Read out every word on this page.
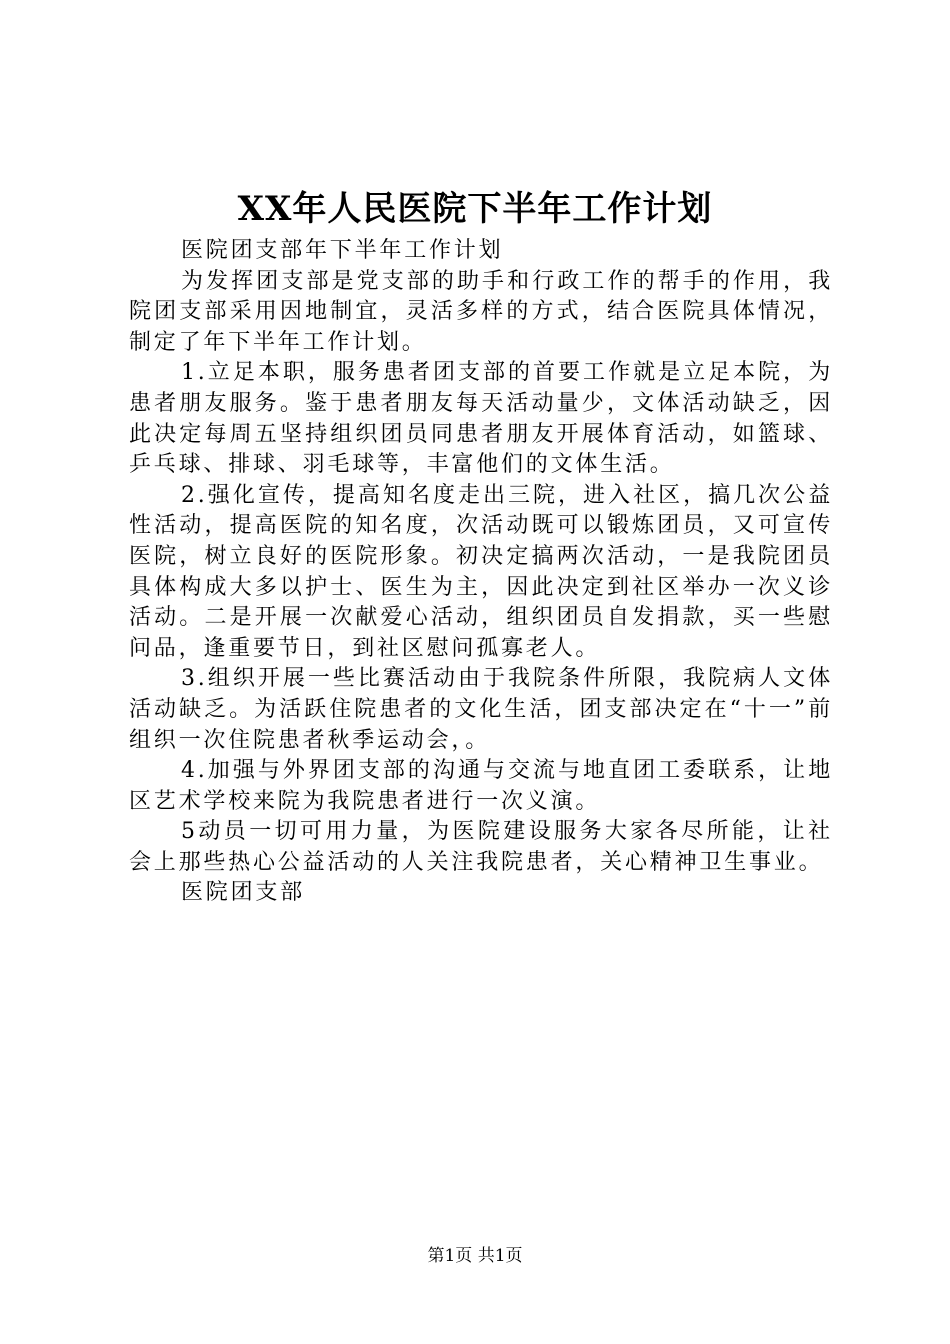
XX年人民医院下半年工作计划

医院团支部年下半年工作计划

为发挥团支部是党支部的助手和行政工作的帮手的作用，我院团支部采用因地制宜，灵活多样的方式，结合医院具体情况，制定了年下半年工作计划。

1.立足本职，服务患者团支部的首要工作就是立足本院，为患者朋友服务。鉴于患者朋友每天活动量少，文体活动缺乏，因此决定每周五坚持组织团员同患者朋友开展体育活动，如篮球、乒乓球、排球、羽毛球等，丰富他们的文体生活。

2.强化宣传，提高知名度走出三院，进入社区，搞几次公益性活动，提高医院的知名度，次活动既可以锻炼团员，又可宣传医院，树立良好的医院形象。初决定搞两次活动，一是我院团员具体构成大多以护士、医生为主，因此决定到社区举办一次义诊活动。二是开展一次献爱心活动，组织团员自发捐款，买一些慰问品，逢重要节日，到社区慰问孤寡老人。

3.组织开展一些比赛活动由于我院条件所限，我院病人文体活动缺乏。为活跃住院患者的文化生活，团支部决定在“十一”前组织一次住院患者秋季运动会，。

4.加强与外界团支部的沟通与交流与地直团工委联系，让地区艺术学校来院为我院患者进行一次义演。

5动员一切可用力量，为医院建设服务大家各尽所能，让社会上那些热心公益活动的人关注我院患者，关心精神卫生事业。

医院团支部

第1页 共1页
